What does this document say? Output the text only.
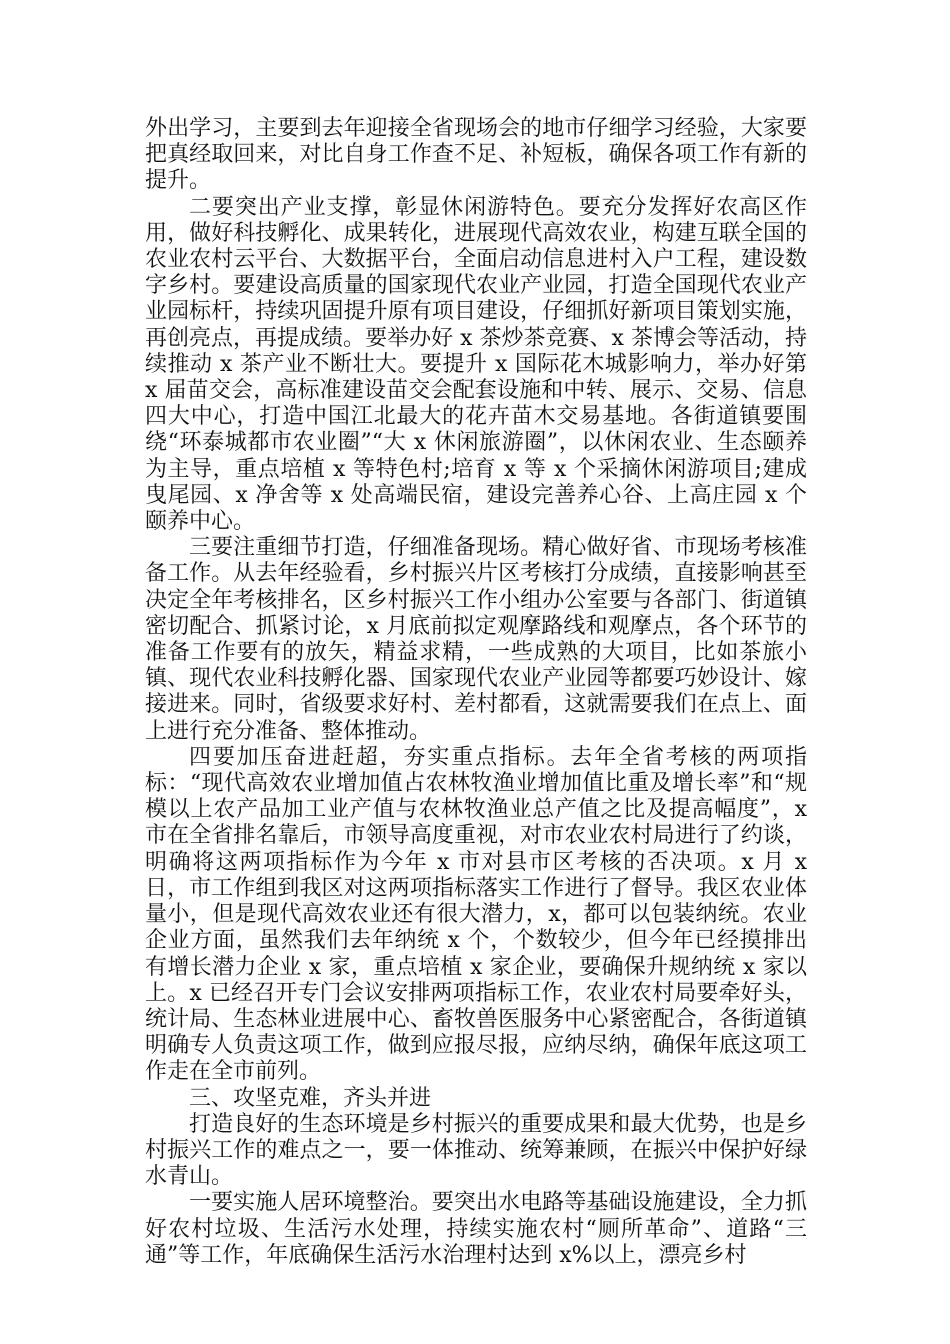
外出学习，主要到去年迎接全省现场会的地市仔细学习经验，大家要把真经取回来，对比自身工作查不足、补短板，确保各项工作有新的提升。

二要突出产业支撑，彰显休闲游特色。要充分发挥好农高区作用，做好科技孵化、成果转化，进展现代高效农业，构建互联全国的农业农村云平台、大数据平台，全面启动信息进村入户工程，建设数字乡村。要建设高质量的国家现代农业产业园，打造全国现代农业产业园标杆，持续巩固提升原有项目建设，仔细抓好新项目策划实施，再创亮点，再提成绩。要举办好 x 茶炒茶竞赛、x 茶博会等活动，持续推动 x 茶产业不断壮大。要提升 x 国际花木城影响力，举办好第 x 届苗交会，高标准建设苗交会配套设施和中转、展示、交易、信息四大中心，打造中国江北最大的花卉苗木交易基地。各街道镇要围绕“环泰城都市农业圈”“大 x 休闲旅游圈”，以休闲农业、生态颐养为主导，重点培植 x 等特色村;培育 x 等 x 个采摘休闲游项目;建成曳尾园、x 净舍等 x 处高端民宿，建设完善养心谷、上高庄园 x 个颐养中心。

三要注重细节打造，仔细准备现场。精心做好省、市现场考核准备工作。从去年经验看，乡村振兴片区考核打分成绩，直接影响甚至决定全年考核排名，区乡村振兴工作小组办公室要与各部门、街道镇密切配合、抓紧讨论，x 月底前拟定观摩路线和观摩点，各个环节的准备工作要有的放矢，精益求精，一些成熟的大项目，比如茶旅小镇、现代农业科技孵化器、国家现代农业产业园等都要巧妙设计、嫁接进来。同时，省级要求好村、差村都看，这就需要我们在点上、面上进行充分准备、整体推动。

四要加压奋进赶超，夯实重点指标。去年全省考核的两项指标：“现代高效农业增加值占农林牧渔业增加值比重及增长率”和“规模以上农产品加工业产值与农林牧渔业总产值之比及提高幅度”，x 市在全省排名靠后，市领导高度重视，对市农业农村局进行了约谈，明确将这两项指标作为今年 x 市对县市区考核的否决项。x 月 x 日，市工作组到我区对这两项指标落实工作进行了督导。我区农业体量小，但是现代高效农业还有很大潜力，x，都可以包装纳统。农业企业方面，虽然我们去年纳统 x 个，个数较少，但今年已经摸排出有增长潜力企业 x 家，重点培植 x 家企业，要确保升规纳统 x 家以上。x 已经召开专门会议安排两项指标工作，农业农村局要牵好头，统计局、生态林业进展中心、畜牧兽医服务中心紧密配合，各街道镇明确专人负责这项工作，做到应报尽报，应纳尽纳，确保年底这项工作走在全市前列。

三、攻坚克难，齐头并进

打造良好的生态环境是乡村振兴的重要成果和最大优势，也是乡村振兴工作的难点之一，要一体推动、统筹兼顾，在振兴中保护好绿水青山。

一要实施人居环境整治。要突出水电路等基础设施建设，全力抓好农村垃圾、生活污水处理，持续实施农村“厕所革命”、道路“三通”等工作，年底确保生活污水治理村达到 x%以上，漂亮乡村
